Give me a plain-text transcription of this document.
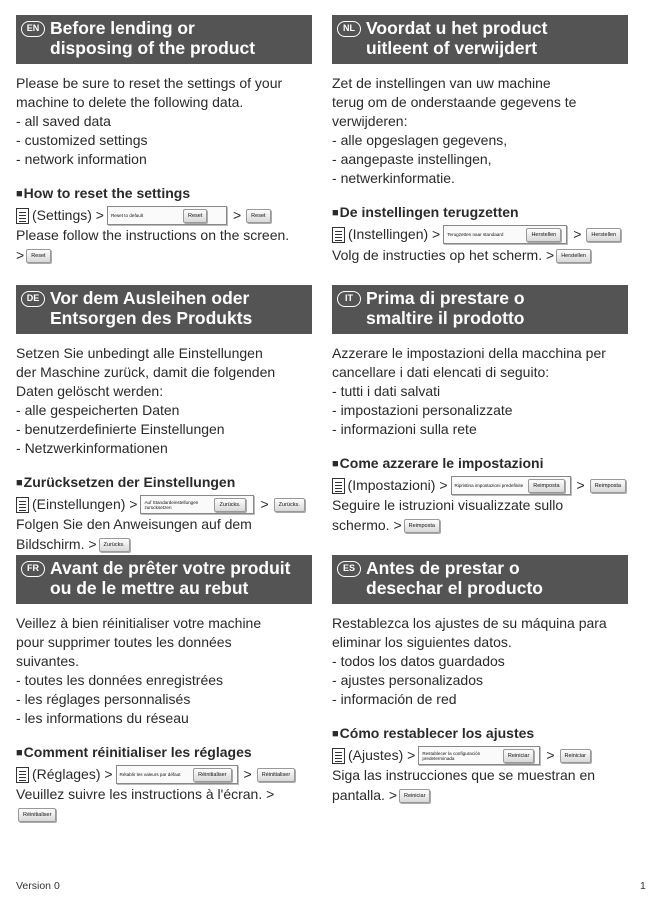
EN Before lending or
disposing of the product

Please be sure to reset the settings of your

machine to delete the following data.

- all saved data

- customized settings

- network information

■ How to reset the settings

(Settings) > Reset to default	Reset	>	Reset

Please follow the instructions on the screen.

>	Reset
NL Voordat u het product
uitleent of verwijdert

Zet de instellingen van uw machine

terug om de onderstaande gegevens te

verwijderen:

- alle opgeslagen gegevens,

- aangepaste instellingen,

- netwerkinformatie.

■ De instellingen terugzetten

(Instellingen) > Terugzetten naar standaard	Herstellen	>	Herstellen
Volg de instructies op het scherm. >	Herstellen
DE Vor dem Ausleihen oder
Entsorgen des Produkts

Setzen Sie unbedingt alle Einstellungen

der Maschine zurück, damit die folgenden

Daten gelöscht werden:

- alle gespeicherten Daten

- benutzerdefinierte Einstellungen

- Netzwerkinformationen

■ Zurücksetzen der Einstellungen

(Einstellungen) > Auf Standardeinstellungen zurücksetzen	Zurücks.	>	Zurücks.

Folgen Sie den Anweisungen auf dem

Bildschirm. >	Zurücks.
IT Prima di prestare o
smaltire il prodotto

Azzerare le impostazioni della macchina per

cancellare i dati elencati di seguito:

- tutti i dati salvati

- impostazioni personalizzate

- informazioni sulla rete

■ Come azzerare le impostazioni

(Impostazioni) > Ripristina impostazioni predefinite	Reimposta	>	Reimposta

Seguire le istruzioni visualizzate sullo

schermo. >	Reimposta
FR Avant de prêter votre produit
ou de le mettre au rebut

Veillez à bien réinitialiser votre machine

pour supprimer toutes les données

suivantes.

- toutes les données enregistrées

- les réglages personnalisés

- les informations du réseau

■ Comment réinitialiser les réglages

(Réglages) > Rétablir les valeurs par défaut	Réinitialiser	>	Réinitialiser

Veuillez suivre les instructions à l'écran. >

Réinitialiser
ES Antes de prestar o
desechar el producto

Restablezca los ajustes de su máquina para

eliminar los siguientes datos.

- todos los datos guardados

- ajustes personalizados

- información de red

■ Cómo restablecer los ajustes

(Ajustes) > Restablecer la configuración predeterminada	Reiniciar	>	Reiniciar

Siga las instrucciones que se muestran en

pantalla. >	Reiniciar
Version 0	1
